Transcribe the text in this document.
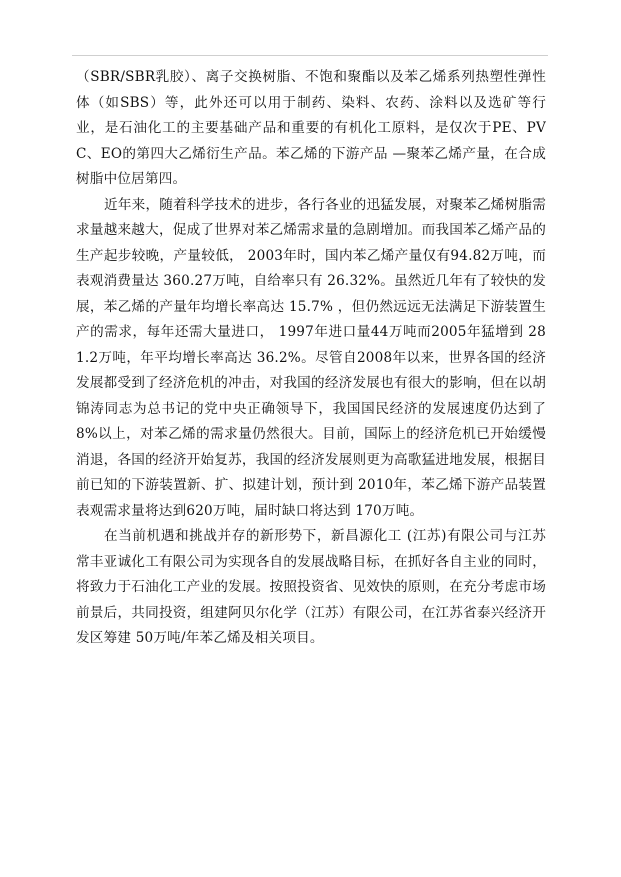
（SBR/SBR乳胶）、离子交换树脂、不饱和聚酯以及苯乙烯系列热塑性弹性体（如SBS）等，此外还可以用于制药、染料、农药、涂料以及选矿等行业，是石油化工的主要基础产品和重要的有机化工原料，是仅次于PE、PVC、EO的第四大乙烯衍生产品。苯乙烯的下游产品 —聚苯乙烯产量，在合成树脂中位居第四。

近年来，随着科学技术的进步，各行各业的迅猛发展，对聚苯乙烯树脂需求量越来越大，促成了世界对苯乙烯需求量的急剧增加。而我国苯乙烯产品的生产起步较晚，产量较低， 2003年时，国内苯乙烯产量仅有94.82万吨，而表观消费量达 360.27万吨，自给率只有 26.32%。虽然近几年有了较快的发展，苯乙烯的产量年均增长率高达 15.7% ，但仍然远远无法满足下游装置生产的需求，每年还需大量进口， 1997年进口量44万吨而2005年猛增到 281.2万吨，年平均增长率高达 36.2%。尽管自2008年以来，世界各国的经济发展都受到了经济危机的冲击，对我国的经济发展也有很大的影响，但在以胡锦涛同志为总书记的党中央正确领导下，我国国民经济的发展速度仍达到了 8%以上，对苯乙烯的需求量仍然很大。目前，国际上的经济危机已开始缓慢消退，各国的经济开始复苏，我国的经济发展则更为高歌猛进地发展，根据目前已知的下游装置新、扩、拟建计划，预计到 2010年，苯乙烯下游产品装置表观需求量将达到620万吨，届时缺口将达到 170万吨。

在当前机遇和挑战并存的新形势下，新昌源化工 (江苏)有限公司与江苏常丰亚诚化工有限公司为实现各自的发展战略目标，在抓好各自主业的同时，将致力于石油化工产业的发展。按照投资省、见效快的原则，在充分考虑市场前景后，共同投资，组建阿贝尔化学（江苏）有限公司，在江苏省泰兴经济开发区筹建 50万吨/年苯乙烯及相关项目。
